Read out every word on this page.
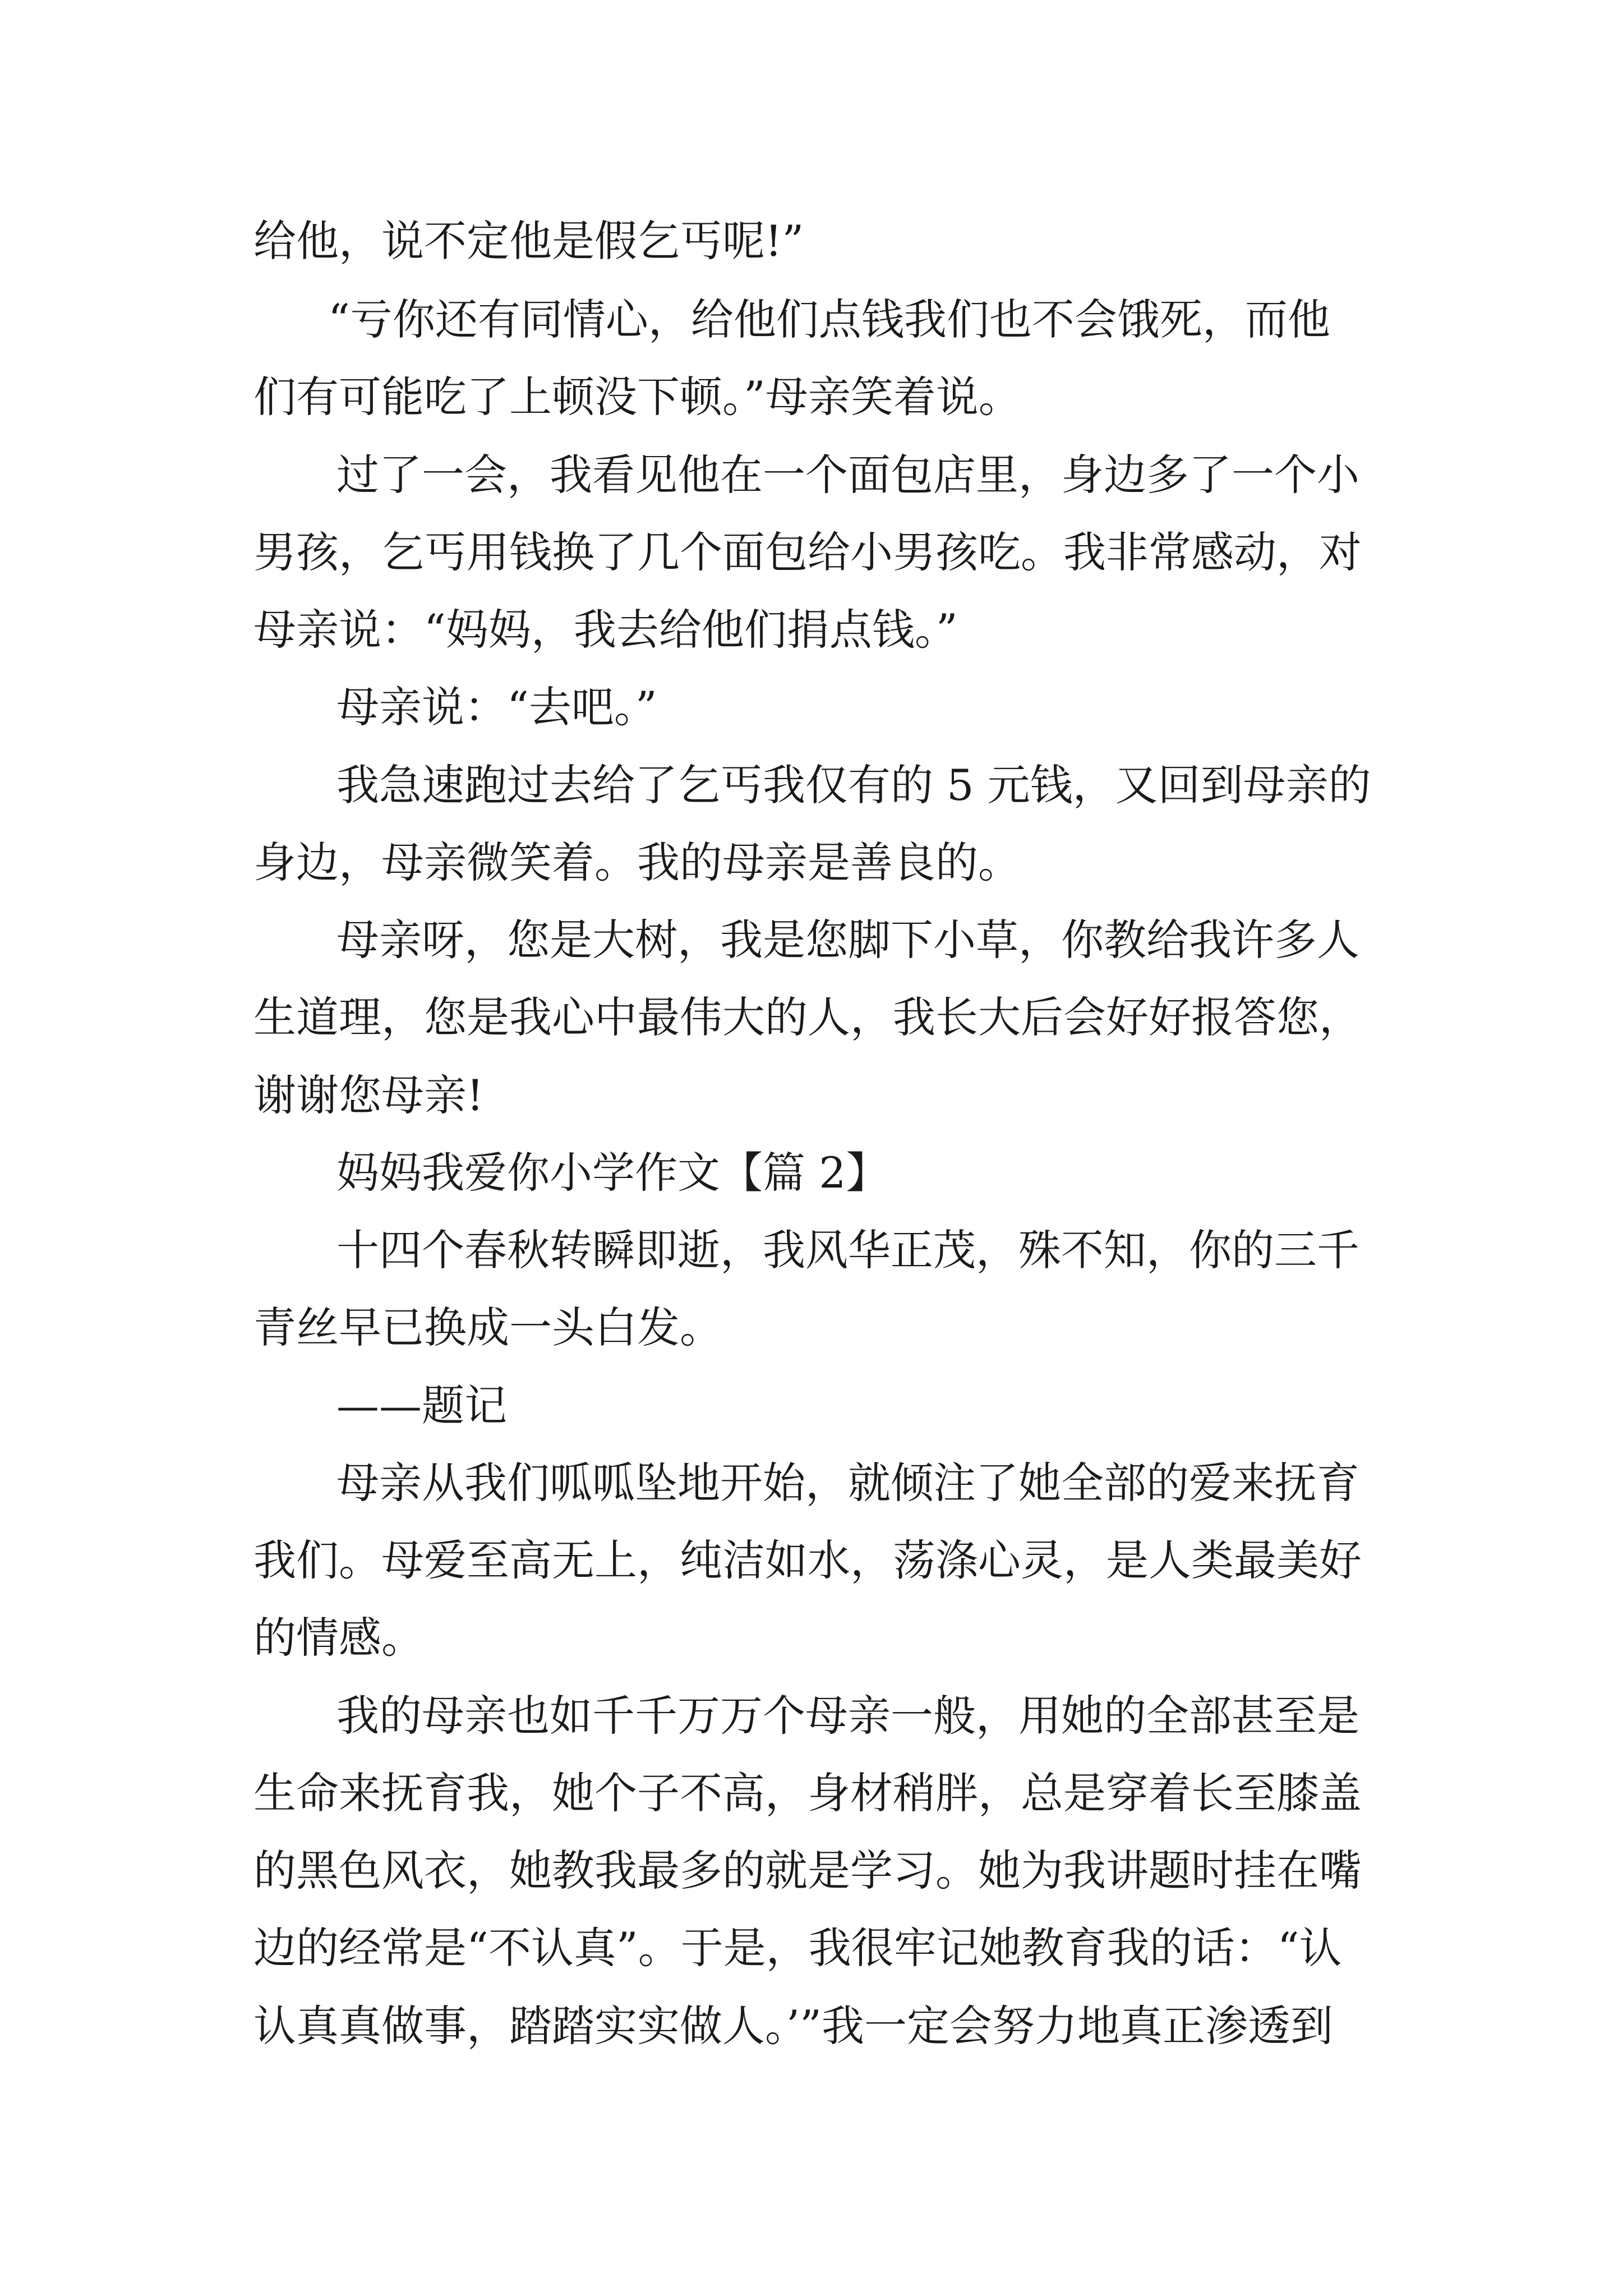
给他，说不定他是假乞丐呢!”

“亏你还有同情心，给他们点钱我们也不会饿死，而他

们有可能吃了上顿没下顿。”母亲笑着说。

过了一会，我看见他在一个面包店里，身边多了一个小

男孩，乞丐用钱换了几个面包给小男孩吃。我非常感动，对

母亲说：“妈妈，我去给他们捐点钱。”

母亲说：“去吧。”

我急速跑过去给了乞丐我仅有的 5 元钱，又回到母亲的

身边，母亲微笑着。我的母亲是善良的。

母亲呀，您是大树，我是您脚下小草，你教给我许多人

生道理，您是我心中最伟大的人，我长大后会好好报答您，

谢谢您母亲!

妈妈我爱你小学作文【篇 2】

十四个春秋转瞬即逝，我风华正茂，殊不知，你的三千

青丝早已换成一头白发。

——题记

母亲从我们呱呱坠地开始，就倾注了她全部的爱来抚育

我们。母爱至高无上，纯洁如水，荡涤心灵，是人类最美好

的情感。

我的母亲也如千千万万个母亲一般，用她的全部甚至是

生命来抚育我，她个子不高，身材稍胖，总是穿着长至膝盖

的黑色风衣，她教我最多的就是学习。她为我讲题时挂在嘴

边的经常是“不认真”。于是，我很牢记她教育我的话：“认

认真真做事，踏踏实实做人。’”我一定会努力地真正渗透到
